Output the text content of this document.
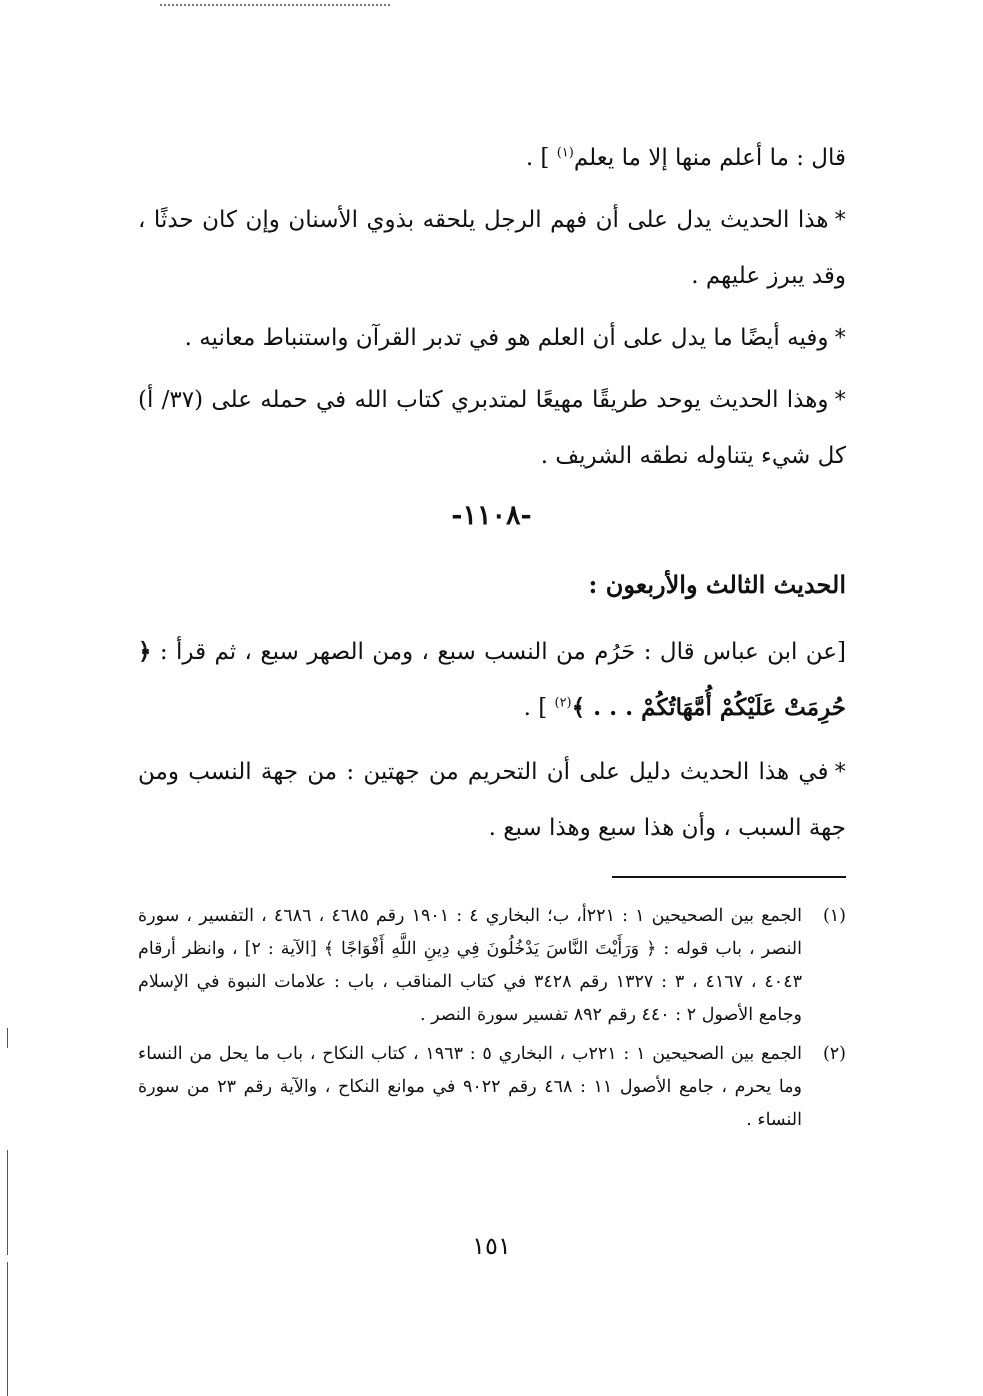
قال : ما أعلم منها إلا ما يعلم$^{(١)}$ ] .

*هذا الحديث يدل على أن فهم الرجل يلحقه بذوي الأسنان وإن كان حدثًا ، وقد يبرز عليهم .

*وفيه أيضًا ما يدل على أن العلم هو في تدبر القرآن واستنباط معانيه .

*وهذا الحديث يوحد طريقًا مهيعًا لمتدبري كتاب الله في حمله على (٣٧/ أ) كل شيء يتناوله نطقه الشريف .

-١١٠٨-
الحديث الثالث والأربعون :

[عن ابن عباس قال : حَرُم من النسب سبع ، ومن الصهر سبع ، ثم قرأ : ﴿ حُرِمَتْ عَلَيْكُمْ أُمَّهَاتُكُمْ . . . ﴾$^{(٢)}$ ] .

*في هذا الحديث دليل على أن التحريم من جهتين : من جهة النسب ومن جهة السبب ، وأن هذا سبع وهذا سبع .

(١)
الجمع بين الصحيحين ١ : ٢٢١أ، ب؛ البخاري ٤ : ١٩٠١ رقم ٤٦٨٥ ، ٤٦٨٦ ، التفسير ، سورة النصر ، باب قوله : ﴿ وَرَأَيْتَ النَّاسَ يَدْخُلُونَ فِي دِينِ اللَّهِ أَفْوَاجًا ﴾ [الآية : ٢] ، وانظر أرقام ٤٠٤٣ ، ٤١٦٧ ، ٣ : ١٣٢٧ رقم ٣٤٢٨ في كتاب المناقب ، باب : علامات النبوة في الإسلام وجامع الأصول ٢ : ٤٤٠ رقم ٨٩٢ تفسير سورة النصر .

(٢)
الجمع بين الصحيحين ١ : ٢٢١ب ، البخاري ٥ : ١٩٦٣ ، كتاب النكاح ، باب ما يحل من النساء وما يحرم ، جامع الأصول ١١ : ٤٦٨ رقم ٩٠٢٢ في موانع النكاح ، والآية رقم ٢٣ من سورة النساء .

١٥١
